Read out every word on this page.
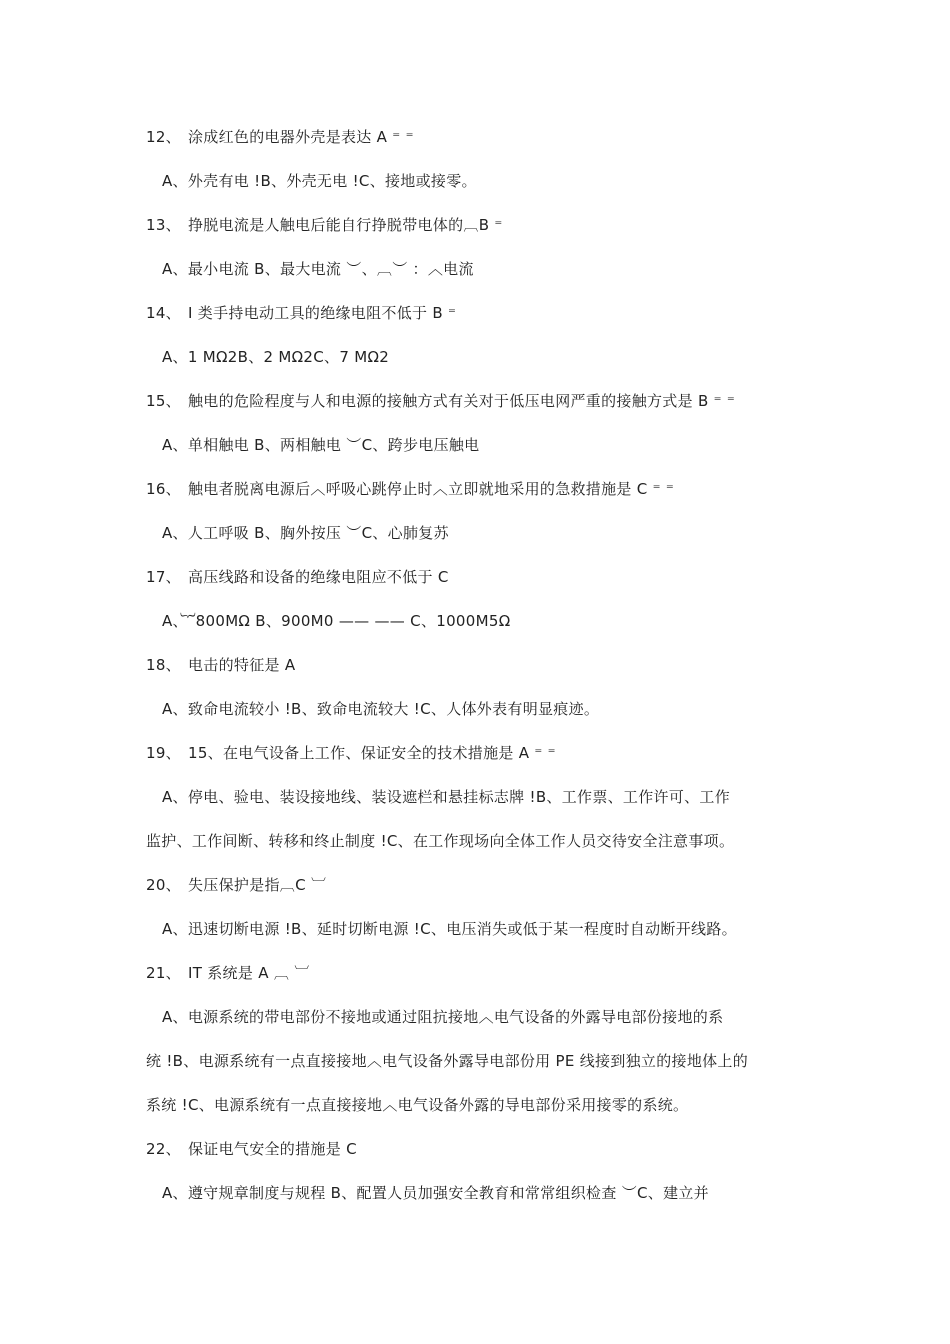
12、 涂成红色的电器外壳是表达 A ⁼ ⁼
A、外壳有电 !B、外壳无电 !C、接地或接零。
13、 挣脱电流是人触电后能自行挣脱带电体的︹B ⁼
A、最小电流 B、最大电流 ︶、︹︶ ：︿电流
14、 I 类手持电动工具的绝缘电阻不低于 B ⁼
A、1 MΩ2B、2 MΩ2C、7 MΩ2
15、 触电的危险程度与人和电源的接触方式有关对于低压电网严重的接触方式是 B ⁼ ⁼
A、单相触电 B、两相触电 ︶C、跨步电压触电
16、 触电者脱离电源后︿呼吸心跳停止时︿立即就地采用的急救措施是 C ⁼ ⁼
A、人工呼吸 B、胸外按压 ︶C、心肺复苏
17、 高压线路和设备的绝缘电阻应不低于 C
A、︸800MΩ B、900M0 —— —— C、1000M5Ω
18、 电击的特征是 A
A、致命电流较小 !B、致命电流较大 !C、人体外表有明显痕迹。
19、 15、在电气设备上工作、保证安全的技术措施是 A ⁼ ⁼
A、停电、验电、装设接地线、装设遮栏和悬挂标志牌 !B、工作票、工作许可、工作
监护、工作间断、转移和终止制度 !C、在工作现场向全体工作人员交待安全注意事项。
20、 失压保护是指︹C ︺
A、迅速切断电源 !B、延时切断电源 !C、电压消失或低于某一程度时自动断开线路。
21、 IT 系统是 A ︹ ︺
A、电源系统的带电部份不接地或通过阻抗接地︿电气设备的外露导电部份接地的系
统 !B、电源系统有一点直接接地︿电气设备外露导电部份用 PE 线接到独立的接地体上的
系统 !C、电源系统有一点直接接地︿电气设备外露的导电部份采用接零的系统。
22、 保证电气安全的措施是 C
A、遵守规章制度与规程 B、配置人员加强安全教育和常常组织检查 ︶C、建立并
